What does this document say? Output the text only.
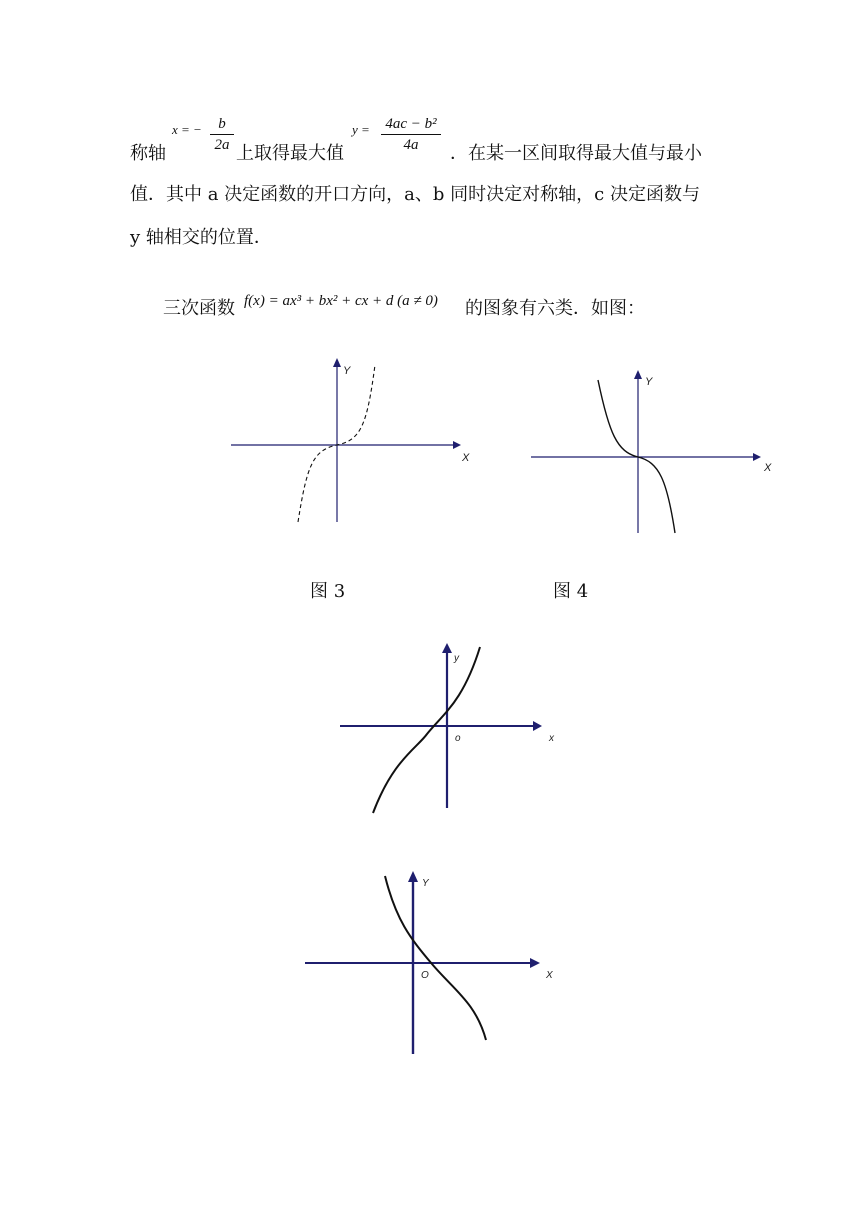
称轴
x = −	b
2a 上取得最大值
y = 4ac − b²
4a	．在某一区间取得最大值与最小
值．其中 a 决定函数的开口方向，a、b 同时决定对称轴，c 决定函数与
y 轴相交的位置．
三次函数 f(x) = ax³ + bx² + cx + d (a ≠ 0) 的图象有六类．如图：
X
Y
图 3
X
Y
图 4
x
y
o
X
Y
O
